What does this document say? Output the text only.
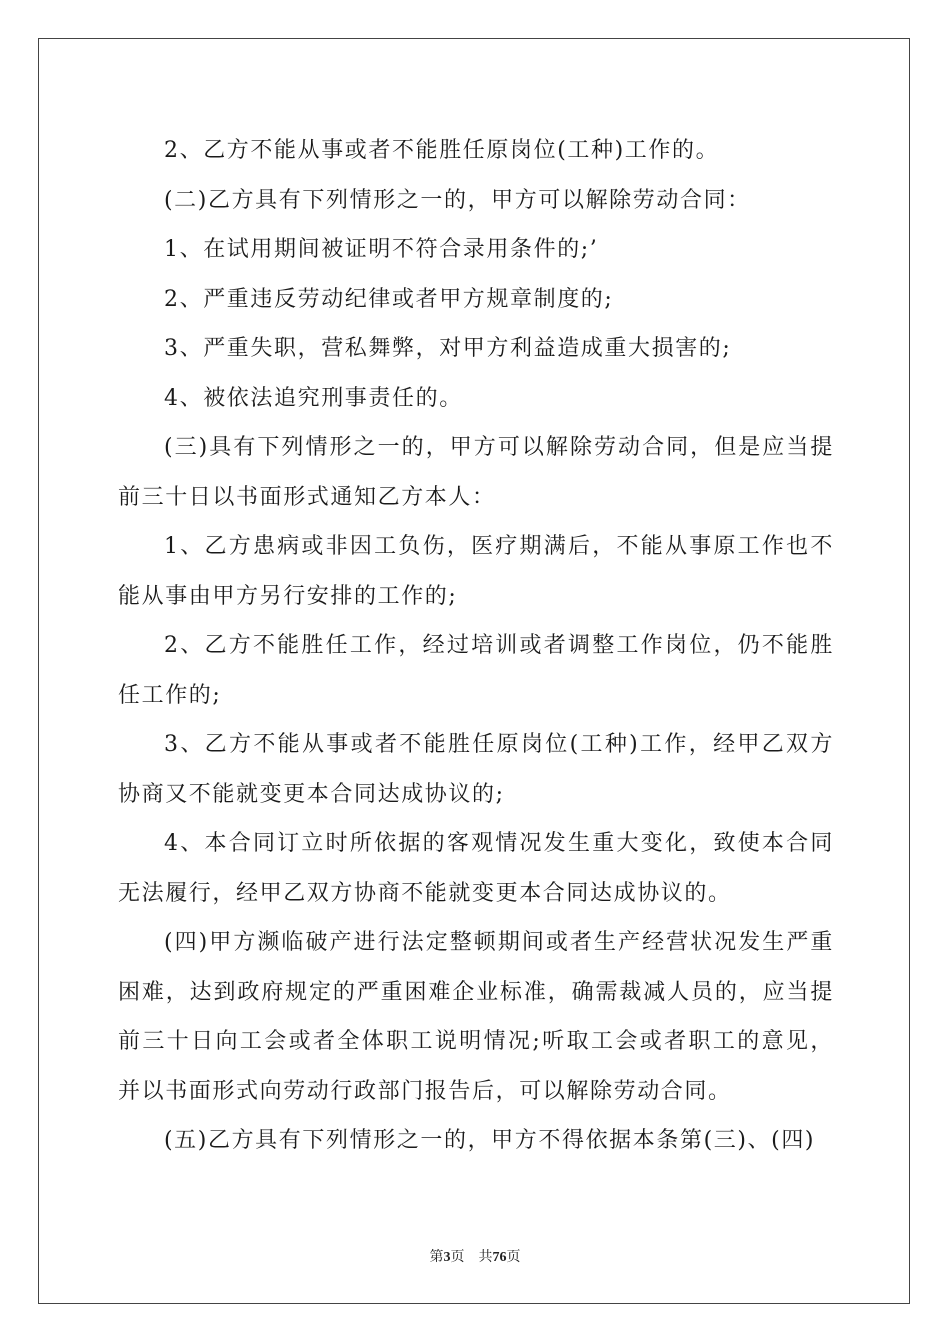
2、乙方不能从事或者不能胜任原岗位(工种)工作的。

(二)乙方具有下列情形之一的，甲方可以解除劳动合同：

1、在试用期间被证明不符合录用条件的;’

2、严重违反劳动纪律或者甲方规章制度的;

3、严重失职，营私舞弊，对甲方利益造成重大损害的;

4、被依法追究刑事责任的。

(三)具有下列情形之一的，甲方可以解除劳动合同，但是应当提前三十日以书面形式通知乙方本人：

1、乙方患病或非因工负伤，医疗期满后，不能从事原工作也不能从事由甲方另行安排的工作的;

2、乙方不能胜任工作，经过培训或者调整工作岗位，仍不能胜任工作的;

3、乙方不能从事或者不能胜任原岗位(工种)工作，经甲乙双方协商又不能就变更本合同达成协议的;

4、本合同订立时所依据的客观情况发生重大变化，致使本合同无法履行，经甲乙双方协商不能就变更本合同达成协议的。

(四)甲方濒临破产进行法定整顿期间或者生产经营状况发生严重困难，达到政府规定的严重困难企业标准，确需裁减人员的，应当提前三十日向工会或者全体职工说明情况;听取工会或者职工的意见，并以书面形式向劳动行政部门报告后，可以解除劳动合同。

(五)乙方具有下列情形之一的，甲方不得依据本条第(三)、(四)

第3页 共76页
